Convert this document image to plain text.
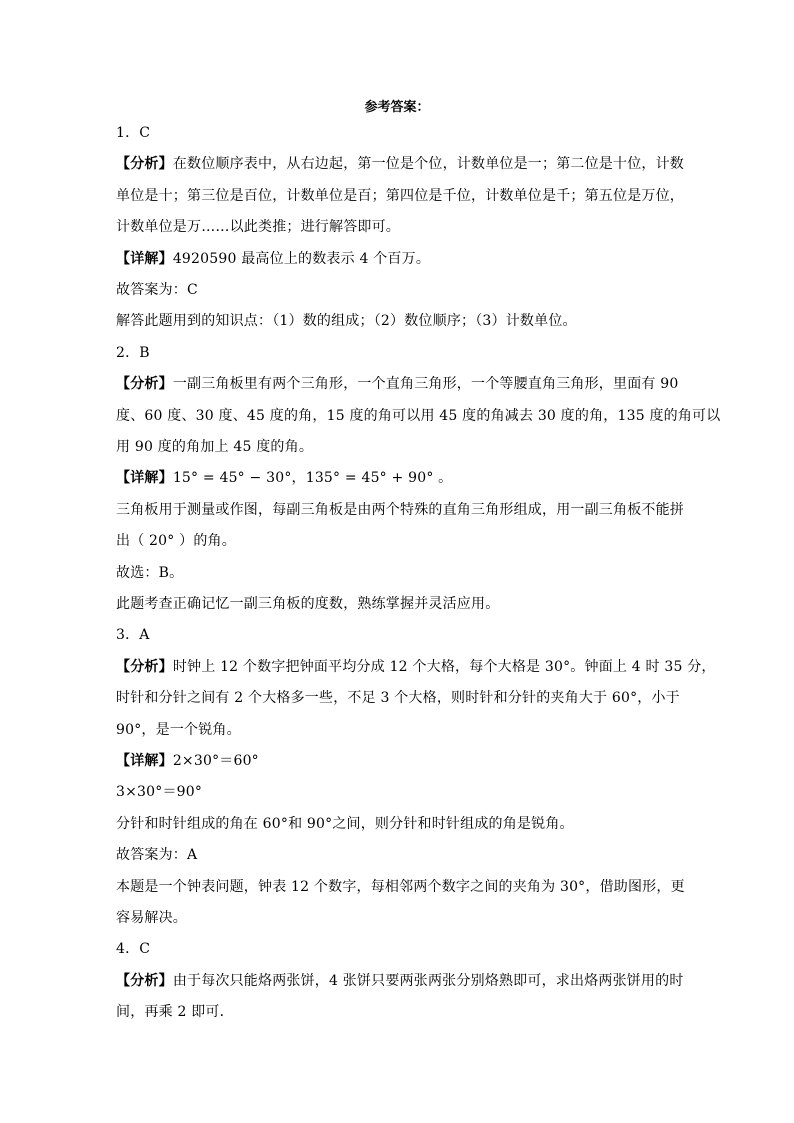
参考答案：
1．C
【分析】在数位顺序表中，从右边起，第一位是个位，计数单位是一；第二位是十位，计数
单位是十；第三位是百位，计数单位是百；第四位是千位，计数单位是千；第五位是万位，
计数单位是万……以此类推；进行解答即可。
【详解】4920590 最高位上的数表示 4 个百万。
故答案为：C
解答此题用到的知识点：（1）数的组成；（2）数位顺序；（3）计数单位。
2．B
【分析】一副三角板里有两个三角形，一个直角三角形，一个等腰直角三角形，里面有 90
度、60 度、30 度、45 度的角，15 度的角可以用 45 度的角减去 30 度的角，135 度的角可以
用 90 度的角加上 45 度的角。
【详解】15° = 45° − 30°，135° = 45° + 90° 。
三角板用于测量或作图，每副三角板是由两个特殊的直角三角形组成，用一副三角板不能拼
出（ 20° ）的角。
故选：B。
此题考查正确记忆一副三角板的度数，熟练掌握并灵活应用。
3．A
【分析】时钟上 12 个数字把钟面平均分成 12 个大格，每个大格是 30°。钟面上 4 时 35 分，
时针和分针之间有 2 个大格多一些，不足 3 个大格，则时针和分针的夹角大于 60°，小于
90°，是一个锐角。
【详解】2×30°＝60°
3×30°＝90°
分针和时针组成的角在 60°和 90°之间，则分针和时针组成的角是锐角。
故答案为：A
本题是一个钟表问题，钟表 12 个数字，每相邻两个数字之间的夹角为 30°，借助图形，更
容易解决。
4．C
【分析】由于每次只能烙两张饼，4 张饼只要两张两张分别烙熟即可，求出烙两张饼用的时
间，再乘 2 即可．
